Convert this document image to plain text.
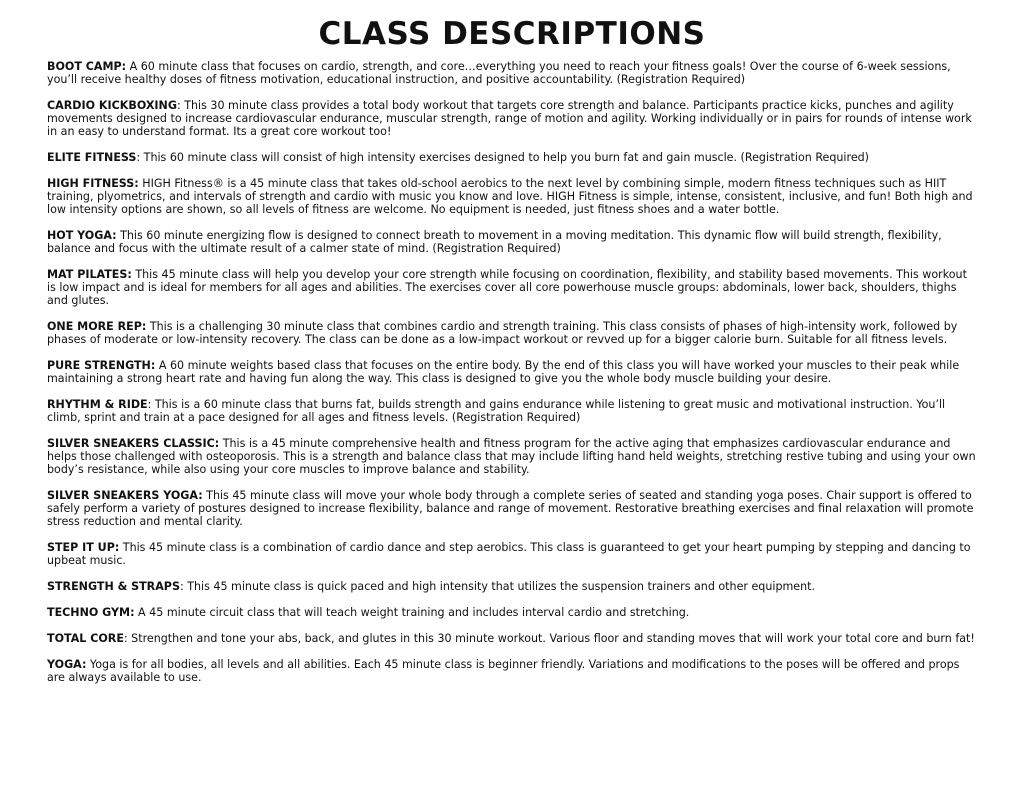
CLASS DESCRIPTIONS

BOOT CAMP: A 60 minute class that focuses on cardio, strength, and core…everything you need to reach your fitness goals! Over the course of 6-week sessions, you’ll receive healthy doses of fitness motivation, educational instruction, and positive accountability. (Registration Required)

CARDIO KICKBOXING: This 30 minute class provides a total body workout that targets core strength and balance. Participants practice kicks, punches and agility movements designed to increase cardiovascular endurance, muscular strength, range of motion and agility. Working individually or in pairs for rounds of intense work in an easy to understand format. Its a great core workout too!

ELITE FITNESS: This 60 minute class will consist of high intensity exercises designed to help you burn fat and gain muscle. (Registration Required)

HIGH FITNESS: HIGH Fitness® is a 45 minute class that takes old-school aerobics to the next level by combining simple, modern fitness techniques such as HIIT training, plyometrics, and intervals of strength and cardio with music you know and love. HIGH Fitness is simple, intense, consistent, inclusive, and fun! Both high and low intensity options are shown, so all levels of fitness are welcome. No equipment is needed, just fitness shoes and a water bottle.

HOT YOGA: This 60 minute energizing flow is designed to connect breath to movement in a moving meditation. This dynamic flow will build strength, flexibility, balance and focus with the ultimate result of a calmer state of mind. (Registration Required)

MAT PILATES: This 45 minute class will help you develop your core strength while focusing on coordination, flexibility, and stability based movements. This workout is low impact and is ideal for members for all ages and abilities. The exercises cover all core powerhouse muscle groups: abdominals, lower back, shoulders, thighs and glutes.

ONE MORE REP: This is a challenging 30 minute class that combines cardio and strength training. This class consists of phases of high-intensity work, followed by phases of moderate or low-intensity recovery. The class can be done as a low-impact workout or revved up for a bigger calorie burn. Suitable for all fitness levels.

PURE STRENGTH: A 60 minute weights based class that focuses on the entire body. By the end of this class you will have worked your muscles to their peak while maintaining a strong heart rate and having fun along the way. This class is designed to give you the whole body muscle building your desire.

RHYTHM & RIDE: This is a 60 minute class that burns fat, builds strength and gains endurance while listening to great music and motivational instruction. You’ll climb, sprint and train at a pace designed for all ages and fitness levels. (Registration Required)

SILVER SNEAKERS CLASSIC: This is a 45 minute comprehensive health and fitness program for the active aging that emphasizes cardiovascular endurance and helps those challenged with osteoporosis. This is a strength and balance class that may include lifting hand held weights, stretching restive tubing and using your own body’s resistance, while also using your core muscles to improve balance and stability.

SILVER SNEAKERS YOGA: This 45 minute class will move your whole body through a complete series of seated and standing yoga poses. Chair support is offered to safely perform a variety of postures designed to increase flexibility, balance and range of movement. Restorative breathing exercises and final relaxation will promote stress reduction and mental clarity.

STEP IT UP: This 45 minute class is a combination of cardio dance and step aerobics. This class is guaranteed to get your heart pumping by stepping and dancing to upbeat music.

STRENGTH & STRAPS: This 45 minute class is quick paced and high intensity that utilizes the suspension trainers and other equipment.

TECHNO GYM: A 45 minute circuit class that will teach weight training and includes interval cardio and stretching.

TOTAL CORE: Strengthen and tone your abs, back, and glutes in this 30 minute workout. Various floor and standing moves that will work your total core and burn fat!

YOGA: Yoga is for all bodies, all levels and all abilities. Each 45 minute class is beginner friendly. Variations and modifications to the poses will be offered and props are always available to use.
